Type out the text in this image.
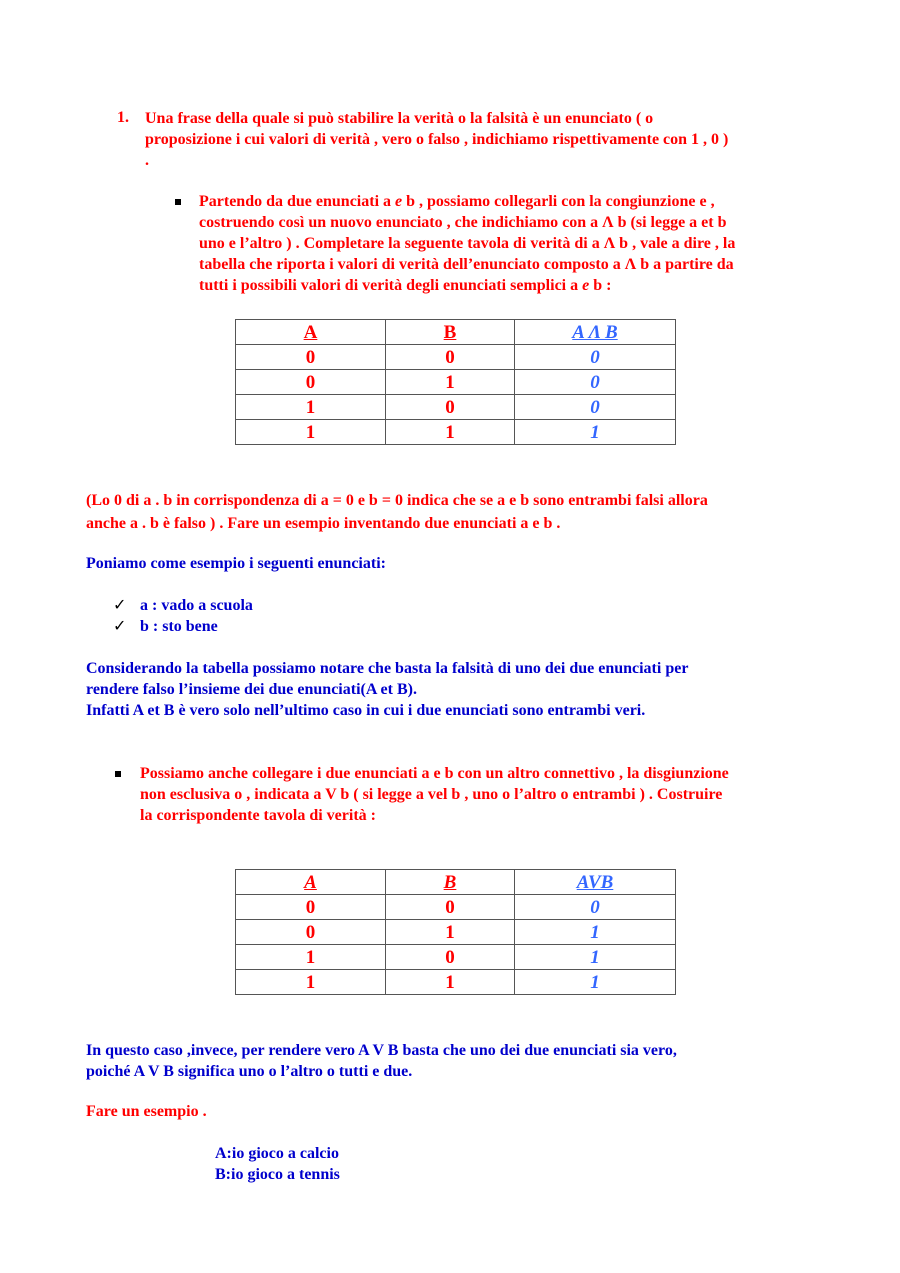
1. Una frase della quale si può stabilire la verità o la falsità è un enunciato ( o
proposizione i cui valori di verità , vero o falso , indichiamo rispettivamente con 1 , 0 )
.
Partendo da due enunciati a e b , possiamo collegarli con la congiunzione e ,
costruendo così un nuovo enunciato , che indichiamo con a Λ b (si legge a et b
uno e l’altro ) . Completare la seguente tavola di verità di a Λ b , vale a dire , la
tabella che riporta i valori di verità dell’enunciato composto a Λ b a partire da
tutti i possibili valori di verità degli enunciati semplici a e b :
A	B	A Λ B
0	0	0
0	1	0
1	0	0
1	1	1
(Lo 0 di a . b in corrispondenza di a = 0 e b = 0 indica che se a e b sono entrambi falsi allora
anche a . b è falso ) . Fare un esempio inventando due enunciati a e b .
Poniamo come esempio i seguenti enunciati:
✓ a : vado a scuola
✓ b : sto bene
Considerando la tabella possiamo notare che basta la falsità di uno dei due enunciati per
rendere falso l’insieme dei due enunciati(A et B).
Infatti A et B è vero solo nell’ultimo caso in cui i due enunciati sono entrambi veri.
Possiamo anche collegare i due enunciati a e b con un altro connettivo , la disgiunzione
non esclusiva o , indicata a V b ( si legge a vel b , uno o l’altro o entrambi ) . Costruire
la corrispondente tavola di verità :
A	B	AVB
0	0	0
0	1	1
1	0	1
1	1	1
In questo caso ,invece, per rendere vero A V B basta che uno dei due enunciati sia vero,
poiché A V B significa uno o l’altro o tutti e due.
Fare un esempio .
A:io gioco a calcio
B:io gioco a tennis
